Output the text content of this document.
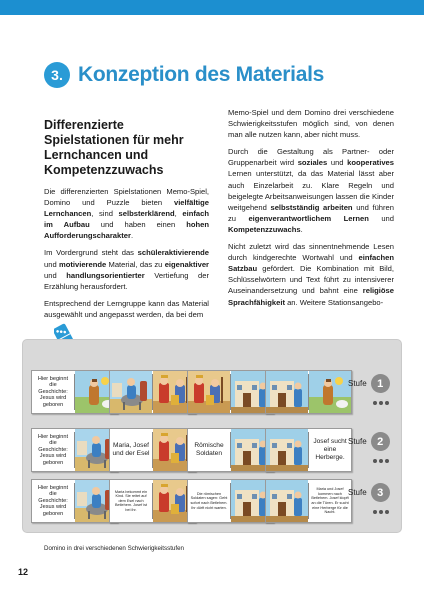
3. Konzeption des Materials
Differenzierte Spielstationen für mehr Lernchancen und Kompetenzzuwachs

Die differenzierten Spielstationen Memo-Spiel, Domino und Puzzle bieten vielfältige Lernchancen, sind selbsterklärend, einfach im Aufbau und haben einen hohen Aufforderungscharakter.

Im Vordergrund steht das schüleraktivierende und motivierende Material, das zu eigenaktiver und handlungsorientierter Vertiefung der Erzählung herausfordert.

Entsprechend der Lerngruppe kann das Material ausgewählt und angepasst werden, da bei dem

Memo-Spiel und dem Domino drei verschiedene Schwierigkeitsstufen möglich sind, von denen man alle nutzen kann, aber nicht muss.

Durch die Gestaltung als Partner- oder Gruppenarbeit wird soziales und kooperatives Lernen unterstützt, da das Material lässt aber auch Einzelarbeit zu. Klare Regeln und beigelegte Arbeitsanweisungen lassen die Kinder weitgehend selbstständig arbeiten und führen zu eigenverantwortlichem Lernen und Kompetenzzuwachs.

Nicht zuletzt wird das sinnentnehmende Lesen durch kindgerechte Wortwahl und einfachen Satzbau gefördert. Die Kombination mit Bild, Schlüsselwörtern und Text führt zu intensiverer Auseinandersetzung und bahnt eine religiöse Sprachfähigkeit an. Weitere Stationsangebo-

Hier beginnt die Geschichte: Jesus wird geboren
Stufe 1
Hier beginnt die Geschichte: Jesus wird geboren
Maria, Josef und der Esel
Römische Soldaten
Josef sucht eine Herberge.
Stufe 2
Hier beginnt die Geschichte: Jesus wird geboren
Maria bekommt ein Kind. Sie reitet auf dem Esel nach Betlehem. Josef ist bei ihr.
Die römischen Soldaten sagen: Geht sofort nach Betlehem. Ihr dürft nicht warten.
Maria und Josef kommen nach Betlehem. Josef klopft an die Türen. Er sucht eine Herberge für die Nacht.
Stufe 3
Domino in drei verschiedenen Schwierigkeitsstufen
12
